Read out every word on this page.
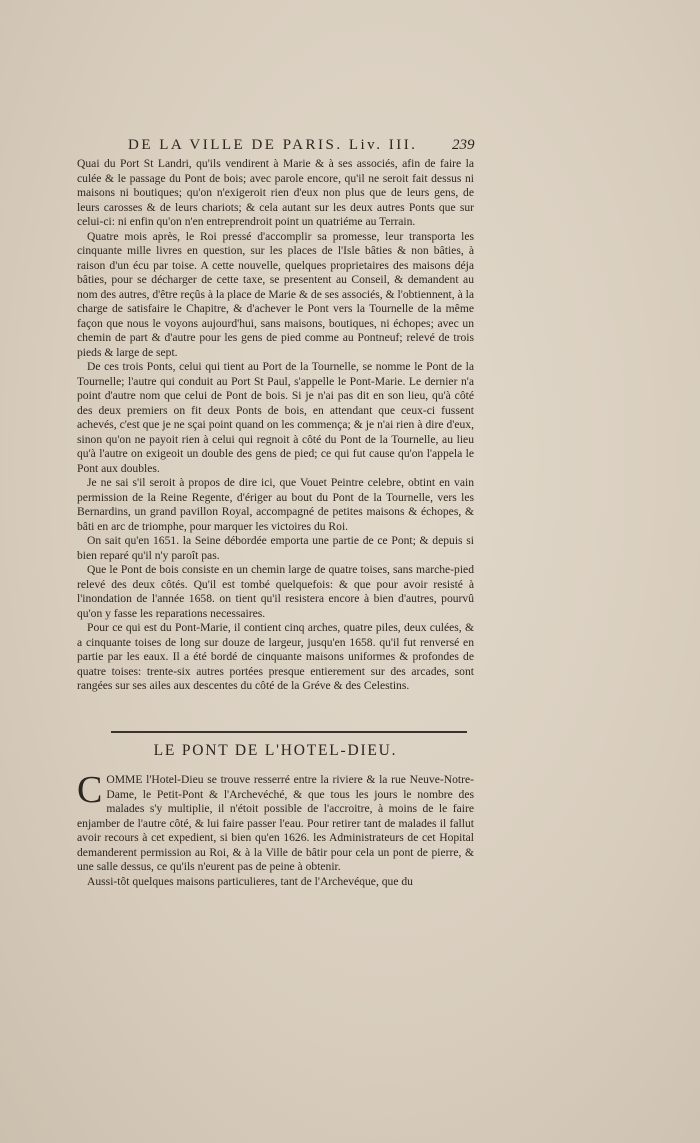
DE LA VILLE DE PARIS. Liv. III.	239

Quai du Port St Landri, qu'ils vendirent à Marie & à ses associés, afin de faire la culée & le passage du Pont de bois; avec parole encore, qu'il ne seroit fait dessus ni maisons ni boutiques; qu'on n'exigeroit rien d'eux non plus que de leurs gens, de leurs carosses & de leurs chariots; & cela autant sur les deux autres Ponts que sur celui-ci: ni enfin qu'on n'en entreprendroit point un quatriéme au Terrain.

Quatre mois après, le Roi pressé d'accomplir sa promesse, leur transporta les cinquante mille livres en question, sur les places de l'Isle bâties & non bâties, à raison d'un écu par toise. A cette nouvelle, quelques proprietaires des maisons déja bâties, pour se décharger de cette taxe, se presentent au Conseil, & demandent au nom des autres, d'être reçûs à la place de Marie & de ses associés, & l'obtiennent, à la charge de satisfaire le Chapitre, & d'achever le Pont vers la Tournelle de la même façon que nous le voyons aujourd'hui, sans maisons, boutiques, ni échopes; avec un chemin de part & d'autre pour les gens de pied comme au Pontneuf; relevé de trois pieds & large de sept.

De ces trois Ponts, celui qui tient au Port de la Tournelle, se nomme le Pont de la Tournelle; l'autre qui conduit au Port St Paul, s'appelle le Pont-Marie. Le dernier n'a point d'autre nom que celui de Pont de bois. Si je n'ai pas dit en son lieu, qu'à côté des deux premiers on fit deux Ponts de bois, en attendant que ceux-ci fussent achevés, c'est que je ne sçai point quand on les commença; & je n'ai rien à dire d'eux, sinon qu'on ne payoit rien à celui qui regnoit à côté du Pont de la Tournelle, au lieu qu'à l'autre on exigeoit un double des gens de pied; ce qui fut cause qu'on l'appela le Pont aux doubles.

Je ne sai s'il seroit à propos de dire ici, que Vouet Peintre celebre, obtint en vain permission de la Reine Regente, d'ériger au bout du Pont de la Tournelle, vers les Bernardins, un grand pavillon Royal, accompagné de petites maisons & échopes, & bâti en arc de triomphe, pour marquer les victoires du Roi.

On sait qu'en 1651. la Seine débordée emporta une partie de ce Pont; & depuis si bien reparé qu'il n'y paroît pas.

Que le Pont de bois consiste en un chemin large de quatre toises, sans marche-pied relevé des deux côtés. Qu'il est tombé quelquefois: & que pour avoir resisté à l'inondation de l'année 1658. on tient qu'il resistera encore à bien d'autres, pourvû qu'on y fasse les reparations necessaires.

Pour ce qui est du Pont-Marie, il contient cinq arches, quatre piles, deux culées, & a cinquante toises de long sur douze de largeur, jusqu'en 1658. qu'il fut renversé en partie par les eaux. Il a été bordé de cinquante maisons uniformes & profondes de quatre toises: trente-six autres portées presque entierement sur des arcades, sont rangées sur ses ailes aux descentes du côté de la Gréve & des Celestins.

LE PONT DE L'HOTEL-DIEU.

COMME l'Hotel-Dieu se trouve resserré entre la riviere & la rue Neuve-Notre-Dame, le Petit-Pont & l'Archevéché, & que tous les jours le nombre des malades s'y multiplie, il n'étoit possible de l'accroitre, à moins de le faire enjamber de l'autre côté, & lui faire passer l'eau. Pour retirer tant de malades il fallut avoir recours à cet expedient, si bien qu'en 1626. les Administrateurs de cet Hopital demanderent permission au Roi, & à la Ville de bâtir pour cela un pont de pierre, & une salle dessus, ce qu'ils n'eurent pas de peine à obtenir.

Aussi-tôt quelques maisons particulieres, tant de l'Archevéque, que du
